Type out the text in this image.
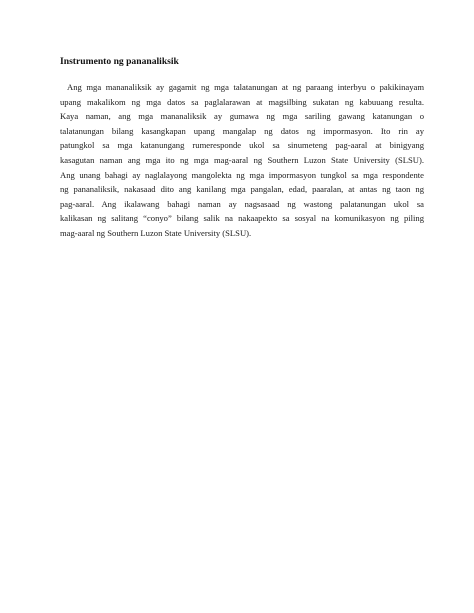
Instrumento ng pananaliksik
Ang mga mananaliksik ay gagamit ng mga talatanungan at ng paraang interbyu o pakikinayam
upang makalikom ng mga datos sa paglalarawan at magsilbing sukatan ng kabuuang resulta.
Kaya naman, ang mga mananaliksik ay gumawa ng mga sariling gawang katanungan o
talatanungan bilang kasangkapan upang mangalap ng datos ng impormasyon. Ito rin ay
patungkol sa mga katanungang rumeresponde ukol sa sinumeteng pag-aaral at binigyang
kasagutan naman ang mga ito ng mga mag-aaral ng Southern Luzon State University (SLSU).
Ang unang bahagi ay naglalayong mangolekta ng mga impormasyon tungkol sa mga respondente
ng pananaliksik, nakasaad dito ang kanilang mga pangalan, edad, paaralan, at antas ng taon ng
pag-aaral. Ang ikalawang bahagi naman ay nagsasaad ng wastong palatanungan ukol sa
kalikasan ng salitang “conyo” bilang salik na nakaapekto sa sosyal na komunikasyon ng piling
mag-aaral ng Southern Luzon State University (SLSU).
